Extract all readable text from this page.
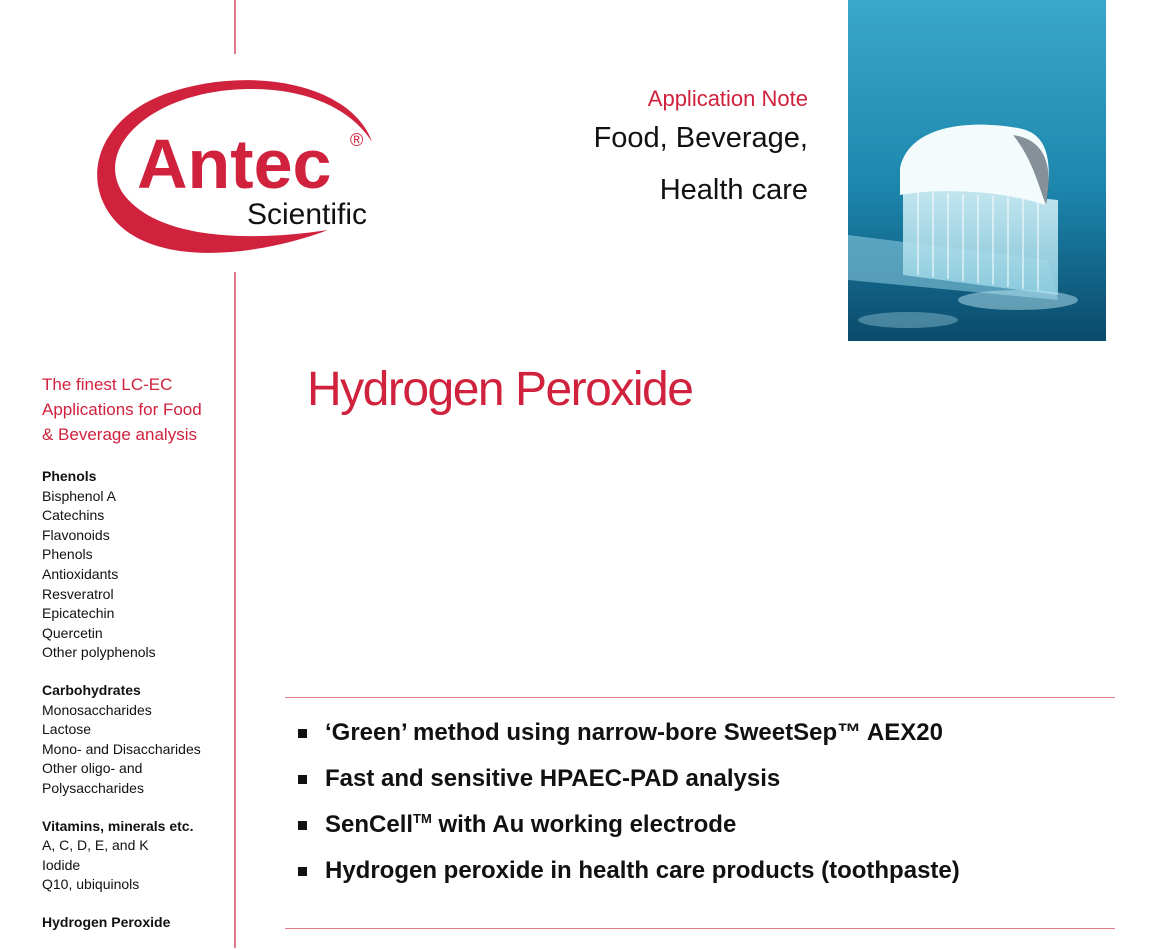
Antec ®
Scientific
Application Note
Food, Beverage,
Health care
The finest LC-EC
Applications for Food
& Beverage analysis
Phenols
Bisphenol A
Catechins
Flavonoids
Phenols
Antioxidants
Resveratrol
Epicatechin
Quercetin
Other polyphenols
Carbohydrates
Monosaccharides
Lactose
Mono- and Disaccharides
Other oligo- and
Polysaccharides
Vitamins, minerals etc.
A, C, D, E, and K
Iodide
Q10, ubiquinols
Hydrogen Peroxide
Hydrogen Peroxide
‘Green’ method using narrow-bore SweetSep™ AEX20
Fast and sensitive HPAEC-PAD analysis
SenCell™ with Au working electrode
Hydrogen peroxide in health care products (toothpaste)
